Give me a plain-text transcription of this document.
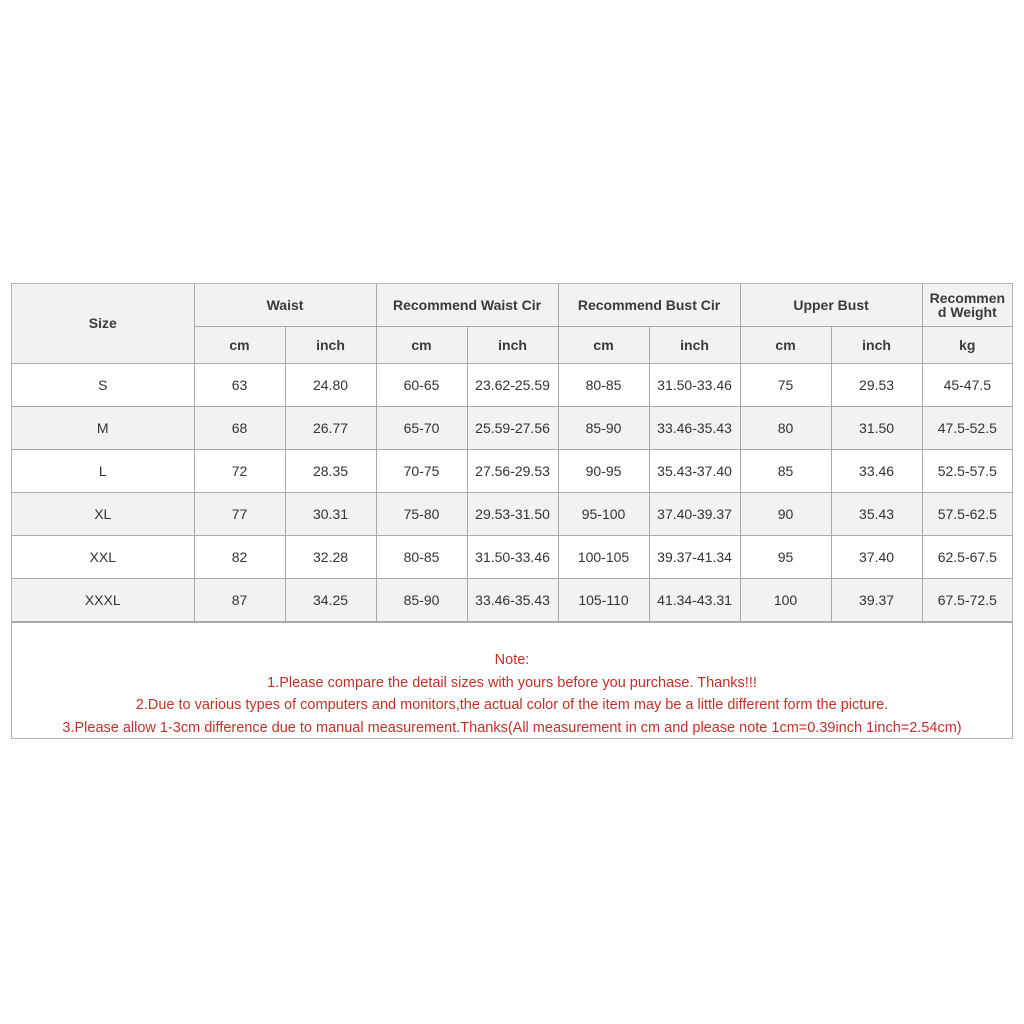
Size	Waist		Recommend Waist Cir		Recommend Bust Cir		Upper Bust		Recommend Weight

	cm	inch	cm	inch	cm	inch	cm	inch	kg
S	63	24.80	60-65	23.62-25.59	80-85	31.50-33.46	75	29.53	45-47.5
M	68	26.77	65-70	25.59-27.56	85-90	33.46-35.43	80	31.50	47.5-52.5
L	72	28.35	70-75	27.56-29.53	90-95	35.43-37.40	85	33.46	52.5-57.5
XL	77	30.31	75-80	29.53-31.50	95-100	37.40-39.37	90	35.43	57.5-62.5
XXL	82	32.28	80-85	31.50-33.46	100-105	39.37-41.34	95	37.40	62.5-67.5
XXXL	87	34.25	85-90	33.46-35.43	105-110	41.34-43.31	100	39.37	67.5-72.5
Note:
1.Please compare the detail sizes with yours before you purchase. Thanks!!!
2.Due to various types of computers and monitors,the actual color of the item may be a little different form the picture.
3.Please allow 1-3cm difference due to manual measurement.Thanks(All measurement in cm and please note 1cm=0.39inch 1inch=2.54cm)
